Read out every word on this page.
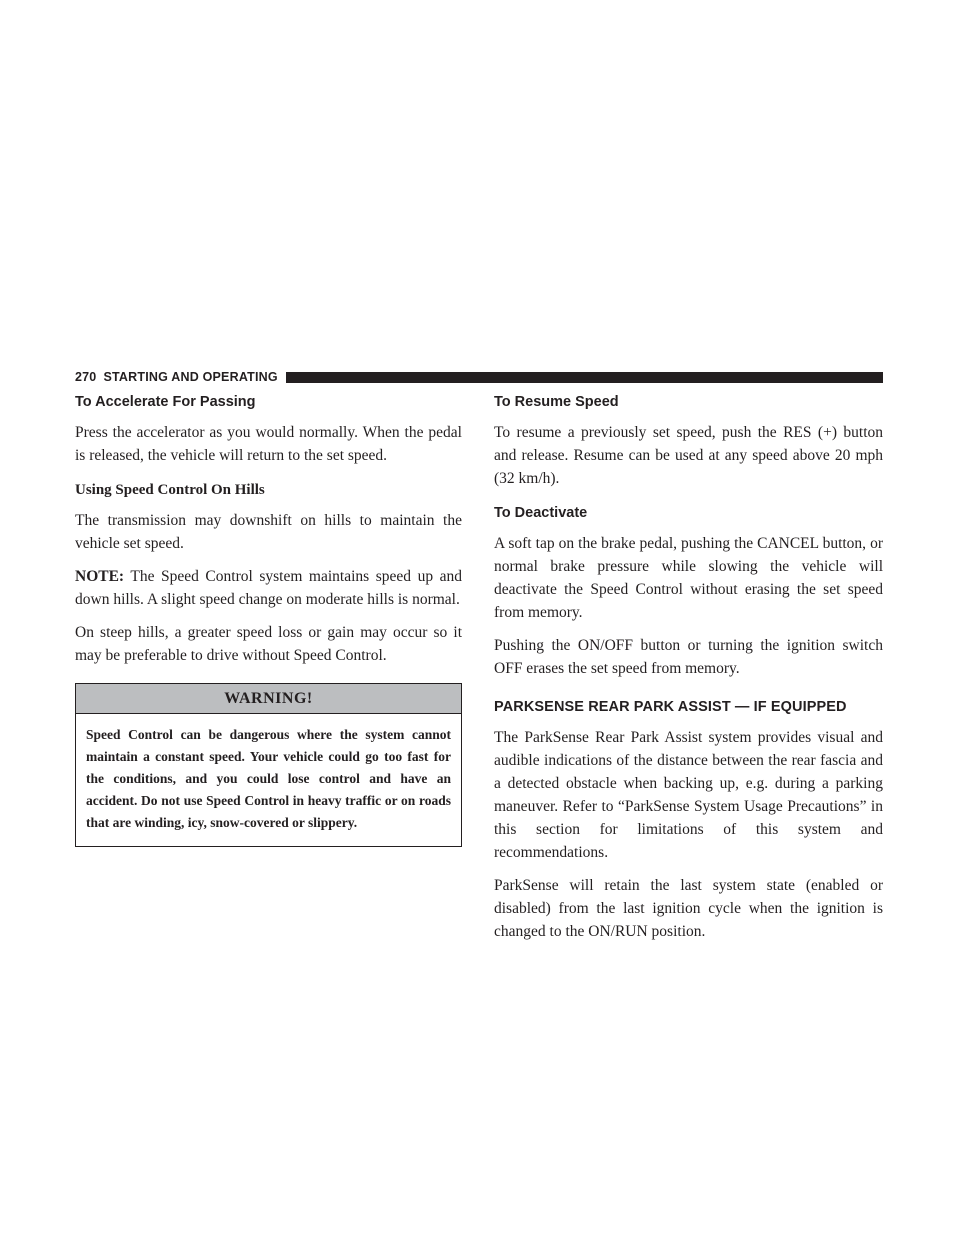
270 STARTING AND OPERATING
To Accelerate For Passing

Press the accelerator as you would normally. When the pedal is released, the vehicle will return to the set speed.

Using Speed Control On Hills

The transmission may downshift on hills to maintain the vehicle set speed.

NOTE: The Speed Control system maintains speed up and down hills. A slight speed change on moderate hills is normal.

On steep hills, a greater speed loss or gain may occur so it may be preferable to drive without Speed Control.

WARNING!
Speed Control can be dangerous where the system cannot maintain a constant speed. Your vehicle could go too fast for the conditions, and you could lose control and have an accident. Do not use Speed Control in heavy traffic or on roads that are winding, icy, snow-covered or slippery.
To Resume Speed

To resume a previously set speed, push the RES (+) button and release. Resume can be used at any speed above 20 mph (32 km/h).

To Deactivate

A soft tap on the brake pedal, pushing the CANCEL button, or normal brake pressure while slowing the vehicle will deactivate the Speed Control without erasing the set speed from memory.

Pushing the ON/OFF button or turning the ignition switch OFF erases the set speed from memory.

PARKSENSE REAR PARK ASSIST — IF EQUIPPED

The ParkSense Rear Park Assist system provides visual and audible indications of the distance between the rear fascia and a detected obstacle when backing up, e.g. during a parking maneuver. Refer to “ParkSense System Usage Precautions” in this section for limitations of this system and recommendations.

ParkSense will retain the last system state (enabled or disabled) from the last ignition cycle when the ignition is changed to the ON/RUN position.
